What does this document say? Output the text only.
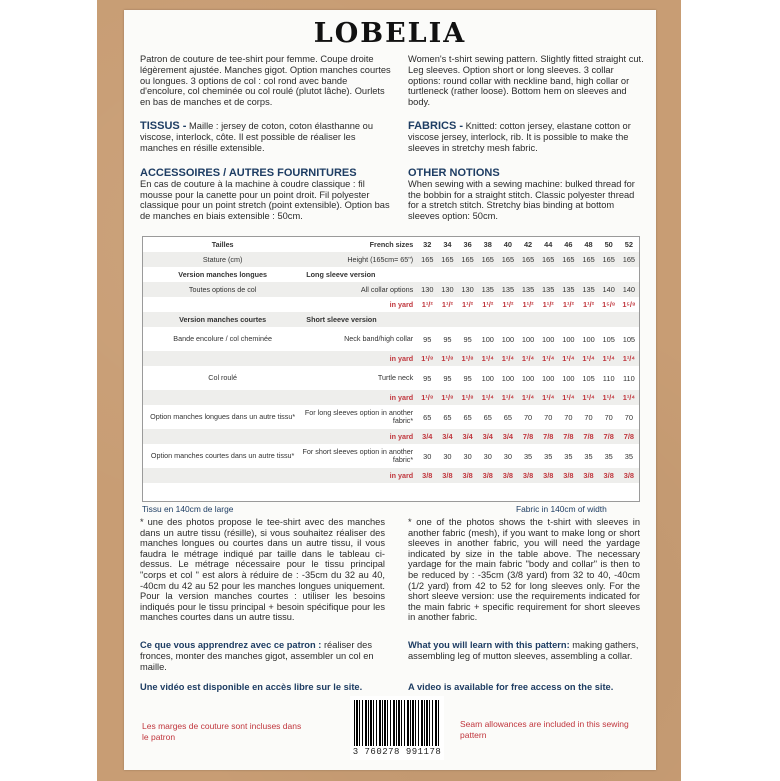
LOBELIA
Patron de couture de tee-shirt pour femme. Coupe droite légèrement ajustée. Manches gigot. Option manches courtes ou longues. 3 options de col : col rond avec bande d'encolure, col cheminée ou col roulé (plutot lâche). Ourlets en bas de manches et de corps.
Women's t-shirt sewing pattern. Slightly fitted straight cut. Leg sleeves. Option short or long sleeves. 3 collar options: round collar with neckline band, high collar or turtleneck (rather loose). Bottom hem on sleeves and body.
TISSUS - Maille : jersey de coton, coton élasthanne ou viscose, interlock, côte. Il est possible de réaliser les manches en résille extensible.
FABRICS - Knitted: cotton jersey, elastane cotton or viscose jersey, interlock, rib. It is possible to make the sleeves in stretchy mesh fabric.
ACCESSOIRES / AUTRES FOURNITURES
En cas de couture à la machine à coudre classique : fil mousse pour la canette pour un point droit. Fil polyester classique pour un point stretch (point extensible). Option bas de manches en biais extensible : 50cm.
OTHER NOTIONS
When sewing with a sewing machine: bulked thread for the bobbin for a straight stitch. Classic polyester thread for a stretch stitch. Stretchy bias binding at bottom sleeves option: 50cm.
Tailles	French sizes	32	34	36	38	40	42	44	46	48	50	52
Stature (cm)	Height (165cm= 65")	165	165	165	165	165	165	165	165	165	165	165
Version manches longues	Long sleeve version											
Toutes options de col	All collar options	130	130	130	135	135	135	135	135	135	140	140
	in yard	1¹/²	1¹/²	1¹/²	1¹/²	1¹/²	1¹/²	1¹/²	1¹/²	1¹/²	1⁵/⁸	1⁵/⁸
Version manches courtes	Short sleeve version											
Bande encolure / col cheminée	Neck band/high collar	95	95	95	100	100	100	100	100	100	105	105
	in yard	1¹/⁸	1¹/⁸	1¹/⁸	1¹/⁴	1¹/⁴	1¹/⁴	1¹/⁴	1¹/⁴	1¹/⁴	1¹/⁴	1¹/⁴
Col roulé	Turtle neck	95	95	95	100	100	100	100	100	105	110	110
	in yard	1¹/⁸	1¹/⁸	1¹/⁸	1¹/⁴	1¹/⁴	1¹/⁴	1¹/⁴	1¹/⁴	1¹/⁴	1¹/⁴	1¹/⁴
Option manches longues dans un autre tissu*	For long sleeves option in another fabric*	65	65	65	65	65	70	70	70	70	70	70
	in yard	3/4	3/4	3/4	3/4	3/4	7/8	7/8	7/8	7/8	7/8	7/8
Option manches courtes dans un autre tissu*	For short sleeves option in another fabric*	30	30	30	30	30	35	35	35	35	35	35
	in yard	3/8	3/8	3/8	3/8	3/8	3/8	3/8	3/8	3/8	3/8	3/8
Tissu en 140cm de large	Fabric in 140cm of width
* une des photos propose le tee-shirt avec des manches dans un autre tissu (résille), si vous souhaitez réaliser des manches longues ou courtes dans un autre tissu, il vous faudra le métrage indiqué par taille dans le tableau ci-dessus. Le métrage nécessaire pour le tissu principal "corps et col " est alors à réduire de : -35cm du 32 au 40, -40cm du 42 au 52 pour les manches longues uniquement. Pour la version manches courtes : utiliser les besoins indiqués pour le tissu principal + besoin spécifique pour les manches courtes dans un autre tissu.
* one of the photos shows the t-shirt with sleeves in another fabric (mesh), if you want to make long or short sleeves in another fabric, you will need the yardage indicated by size in the table above. The necessary yardage for the main fabric "body and collar" is then to be reduced by : -35cm (3/8 yard) from 32 to 40, -40cm (1/2 yard) from 42 to 52 for long sleeves only. For the short sleeve version: use the requirements indicated for the main fabric + specific requirement for short sleeves in another fabric.
Ce que vous apprendrez avec ce patron : réaliser des fronces, monter des manches gigot, assembler un col en maille.
What you will learn with this pattern: making gathers, assembling leg of mutton sleeves, assembling a collar.
Une vidéo est disponible en accès libre sur le site.	A video is available for free access on the site.
Les marges de couture sont incluses dans le patron
Seam allowances are included in this sewing pattern
3 760278 991178
